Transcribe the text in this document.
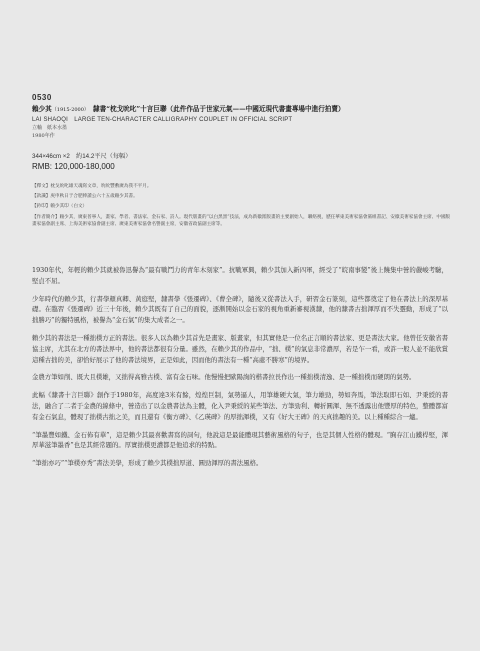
0530
賴少其（1915-2000）　隸書“枕戈吮叱”十言巨聯（此件作品于世家元氣——中國近現代書畫專場中進行拍賣）
LAI SHAOQI　LARGE TEN-CHARACTER CALLIGRAPHY COUPLET IN OFFICIAL SCRIPT
立軸　紙本水墨
1980年作
344×46cm ×2　約14.2平尺（每幅）
RMB: 120,000-180,000

【釋文】枕戈吮叱雄天魂寫文章，吮吮豐敷廣為我不平月。

【款識】庚申秋日于合肥捧讀公六十五歲賴少其書。

【鈐印】賴少其印（白文）

【作者簡介】賴少其，廣東普寧人，畫家、學者、書法家、金石家、詩人。現代版畫的“以白黑黑”技法，成為新徽派版畫的主要創始人，聯絡視，歷任華東美術家協會黨組書記、安徽美術家協會主席、中國版畫家協會副主席、上海美術家協會副主席、廣東美術家協會名譽副主席，安徽省政協副主席等。

1930年代，年輕的賴少其就被魯迅譽為“最有戰鬥力的青年木刻家”。抗戰軍興，賴少其加入新四軍，經受了“皖南事變”後上饒集中營的嚴峻考驗，堅貞不屈。

少年時代的賴少其，行書學顏真卿、黃庭堅，隸書學《張遷碑》、《曹全碑》，隨後又從書法入手，研習金石篆刻，這些都奠定了他在書法上的深厚基礎。在臨習《張遷碑》近三十年後，賴少其既有了自己的面貌，逐漸開始以金石家的視角重新審視漢隸，他的隸書古拙渾厚而不失靈動，形成了“以拙勝巧”的獨特風格，被譽為“金石氣”的集大成者之一。

賴少其的書法是一種拙樸方正的書法。很多人以為賴少其首先是畫家、版畫家，但其實他是一位名正言順的書法家、更是書法大家。他曾任安徽省書協主席，尤其在北方的書法界中，他的書法都很有分量。雖然，在賴少其的作品中，“拙、樸”的氣息非常濃厚，若是乍一看，或許一般人並不能欣賞這種古拙的美，卻恰好展示了他的書法境界，正是如此，因而他的書法有一種“高處不勝寒”的境界。

金農方筆如削、既大且樸雄，又拙得高雅古樸、富有金石味。他慢慢把歐陽詢的楷書拉長作出一種拙樸清逸、是一種拙樸而硬朗的氣勢。

此幅《隸書十言巨聯》創作于1980年，高度達3米有餘，煌煌巨制，氣勢逼人，用筆雄硬大氣，筆力雄勁，勢如奔馬，筆法取即石如、尹秉綬的書法，融合了二者于金農的線條中，營造出了以金農書法為主體，化入尹秉綬的某些筆法、方筆勁利、轉折圓渾、無不透露出他豐厚的特色，整體都富有金石氣息，體現了拙樸古拙之美，而且還有《衡方碑》、《乙瑛碑》的厚拙渾樸，又有《好大王碑》的天真拙趣的美。以上種種綜合一爐。

“筆墨豐如鐵、金石佈有華”，這是賴少其最喜歡書寫的詞句，他說這是最能體現其藝術風格的句子，也是其個人性格的體現。“胸存江山鐵桿堅，渾厚華滋筆墨香”也是其經常題的。厚實拙樸更濃都是他追求的特點。

“筆拙亦巧”“筆樸亦秀”書法美學，形成了賴少其樸拙厚道、圓勁渾厚的書法風格。
